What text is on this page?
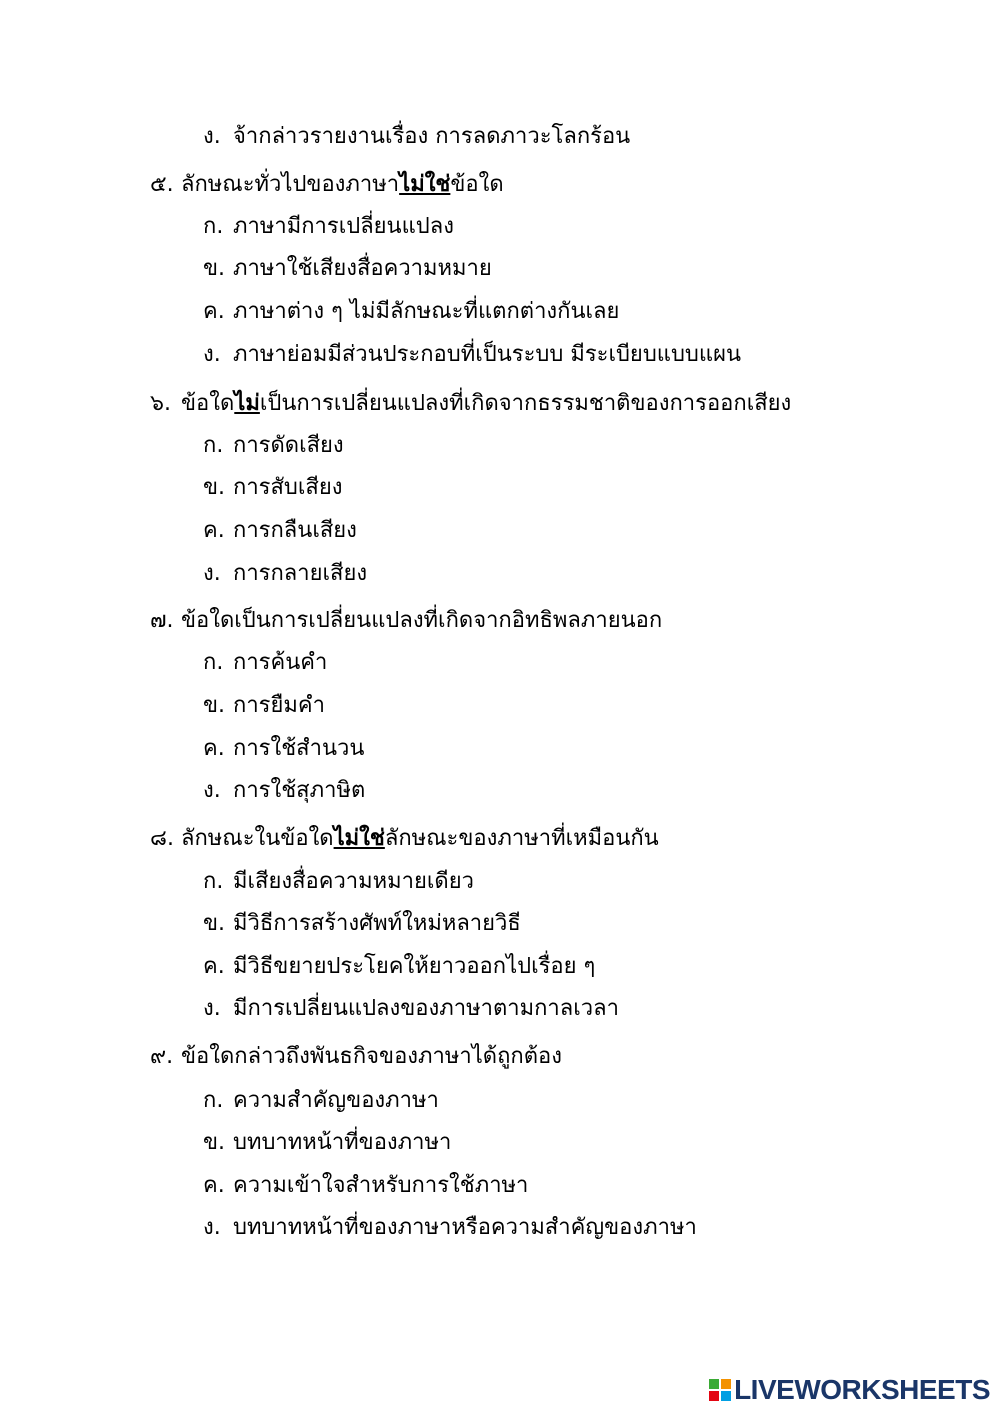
ง. จ้ากล่าวรายงานเรื่อง การลดภาวะโลกร้อน
๕. ลักษณะทั่วไปของภาษาไม่ใช่ข้อใด
ก. ภาษามีการเปลี่ยนแปลง
ข. ภาษาใช้เสียงสื่อความหมาย
ค. ภาษาต่าง ๆ ไม่มีลักษณะที่แตกต่างกันเลย
ง. ภาษาย่อมมีส่วนประกอบที่เป็นระบบ มีระเบียบแบบแผน
๖. ข้อใดไม่เป็นการเปลี่ยนแปลงที่เกิดจากธรรมชาติของการออกเสียง
ก. การดัดเสียง
ข. การสับเสียง
ค. การกลืนเสียง
ง. การกลายเสียง
๗. ข้อใดเป็นการเปลี่ยนแปลงที่เกิดจากอิทธิพลภายนอก
ก. การค้นคำ
ข. การยืมคำ
ค. การใช้สำนวน
ง. การใช้สุภาษิต
๘. ลักษณะในข้อใดไม่ใช่ลักษณะของภาษาที่เหมือนกัน
ก. มีเสียงสื่อความหมายเดียว
ข. มีวิธีการสร้างศัพท์ใหม่หลายวิธี
ค. มีวิธีขยายประโยคให้ยาวออกไปเรื่อย ๆ
ง. มีการเปลี่ยนแปลงของภาษาตามกาลเวลา
๙. ข้อใดกล่าวถึงพันธกิจของภาษาได้ถูกต้อง
ก. ความสำคัญของภาษา
ข. บทบาทหน้าที่ของภาษา
ค. ความเข้าใจสำหรับการใช้ภาษา
ง. บทบาทหน้าที่ของภาษาหรือความสำคัญของภาษา
LIVEWORKSHEETS
